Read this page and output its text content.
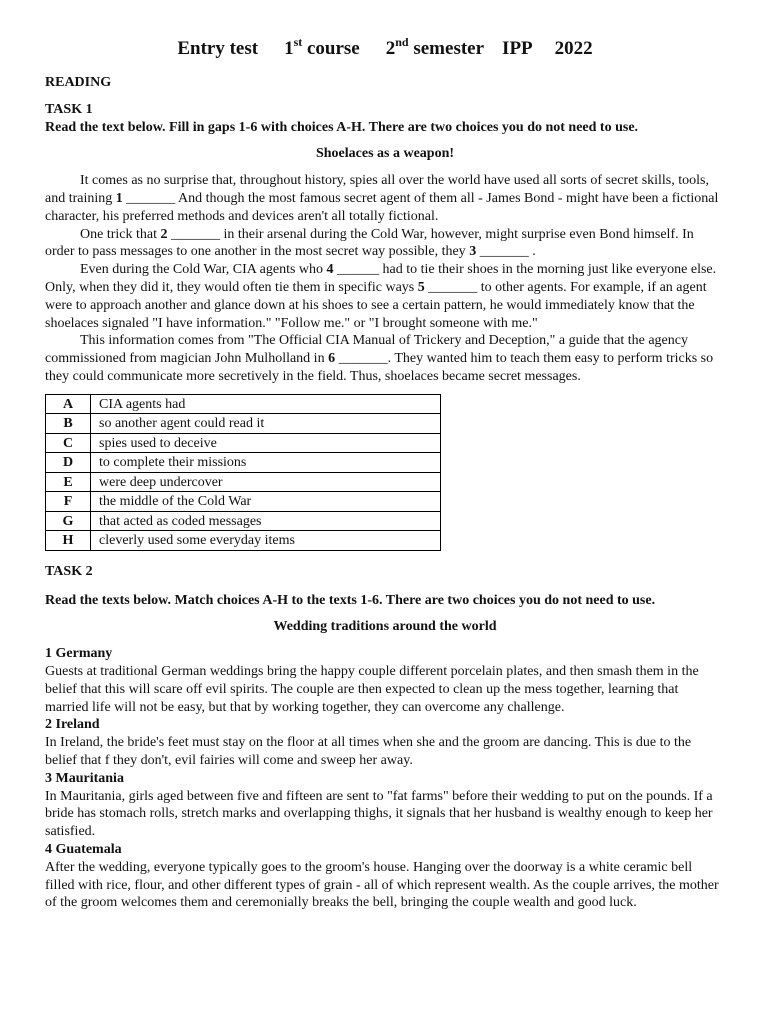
Entry test 1st course 2nd semester IPP 2022
READING
TASK 1
Read the text below. Fill in gaps 1-6 with choices A-H. There are two choices you do not need to use.
Shoelaces as a weapon!

It comes as no surprise that, throughout history, spies all over the world have used all sorts of secret skills, tools, and training 1 _______ And though the most famous secret agent of them all - James Bond - might have been a fictional character, his preferred methods and devices aren't all totally fictional.

One trick that 2 _______ in their arsenal during the Cold War, however, might surprise even Bond himself. In order to pass messages to one another in the most secret way possible, they 3 _______ .

Even during the Cold War, CIA agents who 4 ______ had to tie their shoes in the morning just like everyone else. Only, when they did it, they would often tie them in specific ways 5 _______ to other agents. For example, if an agent were to approach another and glance down at his shoes to see a certain pattern, he would immediately know that the shoelaces signaled "I have information." "Follow me." or "I brought someone with me."

This information comes from "The Official CIA Manual of Trickery and Deception," a guide that the agency commissioned from magician John Mulholland in 6 _______. They wanted him to teach them easy to perform tricks so they could communicate more secretively in the field. Thus, shoelaces became secret messages.

A	CIA agents had
B	so another agent could read it
C	spies used to deceive
D	to complete their missions
E	were deep undercover
F	the middle of the Cold War
G	that acted as coded messages
H	cleverly used some everyday items
TASK 2
Read the texts below. Match choices A-H to the texts 1-6. There are two choices you do not need to use.
Wedding traditions around the world
1 Germany

Guests at traditional German weddings bring the happy couple different porcelain plates, and then smash them in the belief that this will scare off evil spirits. The couple are then expected to clean up the mess together, learning that married life will not be easy, but that by working together, they can overcome any challenge.

2 Ireland

In Ireland, the bride's feet must stay on the floor at all times when she and the groom are dancing. This is due to the belief that f they don't, evil fairies will come and sweep her away.

3 Mauritania

In Mauritania, girls aged between five and fifteen are sent to "fat farms" before their wedding to put on the pounds. If a bride has stomach rolls, stretch marks and overlapping thighs, it signals that her husband is wealthy enough to keep her satisfied.

4 Guatemala

After the wedding, everyone typically goes to the groom's house. Hanging over the doorway is a white ceramic bell filled with rice, flour, and other different types of grain - all of which represent wealth. As the couple arrives, the mother of the groom welcomes them and ceremonially breaks the bell, bringing the couple wealth and good luck.
